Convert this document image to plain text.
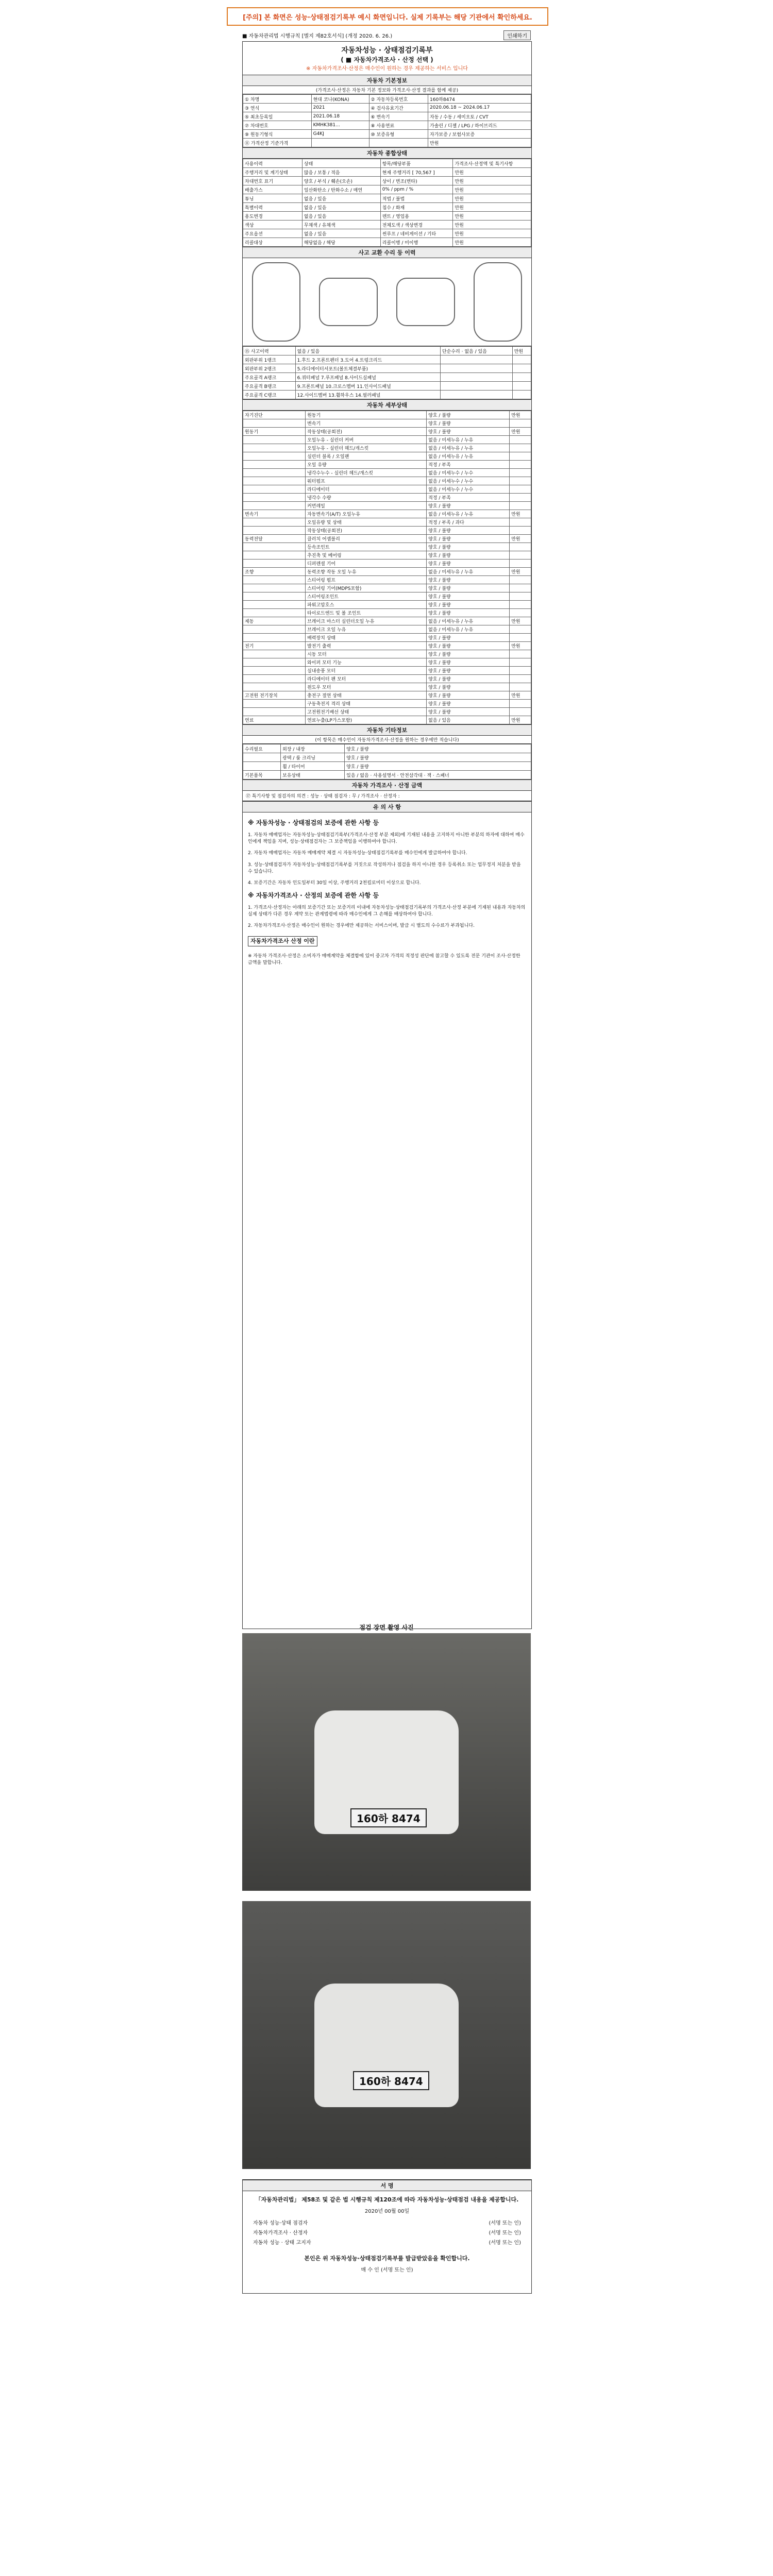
[주의] 본 화면은 성능·상태점검기록부 예시 화면입니다. 실제 기록부는 해당 기관에서 확인하세요.
■ 자동차관리법 시행규칙 [별지 제82호서식] (개정 2020. 6. 26.)	인쇄하기
자동차성능 · 상태점검기록부
( ■ 자동차가격조사 · 산정 선택 )
※ 자동차가격조사·산정은 매수인이 원하는 경우 제공하는 서비스 입니다
자동차 기본정보
(가격조사·산정은 자동차 기본 정보와 가격조사·산정 결과를 함께 제공)
① 차명	현대 코나(KONA)	② 자동차등록번호	160하8474
③ 연식	2021	④ 검사유효기간	2020.06.18 ~ 2024.06.17
⑤ 최초등록일	2021.06.18	⑥ 변속기	자동 / 수동 / 세미오토 / CVT
⑦ 차대번호	KMHK381...	⑧ 사용연료	가솔린 / 디젤 / LPG / 하이브리드
⑨ 원동기형식	G4KJ	⑩ 보증유형	자가보증 / 보험사보증
⑪ 가격산정 기준가격			만원
자동차 종합상태
사용이력	상태	항목/해당부품	가격조사·산정액 및 특기사항
주행거리 및 계기상태	많음 / 보통 / 적음	현재 주행거리 [ 70,567 ]	만원
차대번호 표기	양호 / 부식 / 훼손(오손)	상이 / 변조(변타)	만원
배출가스	일산화탄소 / 탄화수소 / 매연	0% / ppm / %	만원
튜닝	없음 / 있음	적법 / 불법	만원
특별이력	없음 / 있음	침수 / 화재	만원
용도변경	없음 / 있음	렌트 / 영업용	만원
색상	무채색 / 유채색	전체도색 / 색상변경	만원
주요옵션	없음 / 있음	썬루프 / 네비게이션 / 기타	만원
리콜대상	해당없음 / 해당	리콜이행 / 미이행	만원
사고 교환 수리 등 이력
⑮ 사고이력	없음 / 있음	단순수리 · 없음 / 있음	만원
외판부위 1랭크	1.후드 2.프론트펜더 3.도어 4.트렁크리드		
외판부위 2랭크	5.라디에이터서포트(볼트체결부품)		
주요골격 A랭크	6.쿼터패널 7.루프패널 8.사이드실패널		
주요골격 B랭크	9.프론트패널 10.크로스멤버 11.인사이드패널		
주요골격 C랭크	12.사이드멤버 13.휠하우스 14.필러패널		
자동차 세부상태
자기진단	원동기	양호 / 불량	만원
	변속기	양호 / 불량	
원동기	작동상태(공회전)	양호 / 불량	만원
	오일누유 - 실린더 커버	없음 / 미세누유 / 누유	
	오일누유 - 실린더 헤드/개스킷	없음 / 미세누유 / 누유	
	실린더 블록 / 오일팬	없음 / 미세누유 / 누유	
	오일 유량	적정 / 부족	
	냉각수누수 - 실린더 헤드/개스킷	없음 / 미세누수 / 누수	
	워터펌프	없음 / 미세누수 / 누수	
	라디에이터	없음 / 미세누수 / 누수	
	냉각수 수량	적정 / 부족	
	커먼레일	양호 / 불량	
변속기	자동변속기(A/T) 오일누유	없음 / 미세누유 / 누유	만원
	오일유량 및 상태	적정 / 부족 / 과다	
	작동상태(공회전)	양호 / 불량	
동력전달	클러치 어셈블리	양호 / 불량	만원
	등속조인트	양호 / 불량	
	추진축 및 베어링	양호 / 불량	
	디퍼렌셜 기어	양호 / 불량	
조향	동력조향 작동 오일 누유	없음 / 미세누유 / 누유	만원
	스티어링 펌프	양호 / 불량	
	스티어링 기어(MDPS포함)	양호 / 불량	
	스티어링조인트	양호 / 불량	
	파워고압호스	양호 / 불량	
	타이로드엔드 및 볼 조인트	양호 / 불량	
제동	브레이크 마스터 실린더오일 누유	없음 / 미세누유 / 누유	만원
	브레이크 오일 누유	없음 / 미세누유 / 누유	
	배력장치 상태	양호 / 불량	
전기	발전기 출력	양호 / 불량	만원
	시동 모터	양호 / 불량	
	와이퍼 모터 기능	양호 / 불량	
	실내송풍 모터	양호 / 불량	
	라디에이터 팬 모터	양호 / 불량	
	윈도우 모터	양호 / 불량	
고전원 전기장치	충전구 절연 상태	양호 / 불량	만원
	구동축전지 격리 상태	양호 / 불량	
	고전원전기배선 상태	양호 / 불량	
연료	연료누출(LP가스포함)	없음 / 있음	만원
자동차 기타정보
(이 항목은 매수인이 자동차가격조사·산정을 원하는 경우에만 적습니다)
수리필요	외장 / 내장	양호 / 불량
	광택 / 룸 크리닝	양호 / 불량
	휠 / 타이어	양호 / 불량
기본품목	보유상태	있음 / 없음 · 사용설명서 · 안전삼각대 · 잭 · 스패너
자동차 가격조사 · 산정 금액
⑰ 특기사항 및 점검자의 의견 : 성능 · 상태 점검자 : 무 / 가격조사 · 산정자 :
유 의 사 항
※ 자동차성능 · 상태점검의 보증에 관한 사항 등

1. 자동차 매매업자는 자동차성능·상태점검기록부(가격조사·산정 부분 제외)에 기재된 내용을 고지하지 아니한 부분의 하자에 대하여 매수인에게 책임을 지며, 성능·상태점검자는 그 보증책임을 이행하여야 합니다.

2. 자동차 매매업자는 자동차 매매계약 체결 시 자동차성능·상태점검기록부를 매수인에게 발급하여야 합니다.

3. 성능·상태점검자가 자동차성능·상태점검기록부를 거짓으로 작성하거나 점검을 하지 아니한 경우 등록취소 또는 업무정지 처분을 받을 수 있습니다.

4. 보증기간은 자동차 인도일부터 30일 이상, 주행거리 2천킬로미터 이상으로 합니다.

※ 자동차가격조사 · 산정의 보증에 관한 사항 등

1. 가격조사·산정자는 아래의 보증기간 또는 보증거리 이내에 자동차성능·상태점검기록부의 가격조사·산정 부분에 기재된 내용과 자동차의 실제 상태가 다른 경우 계약 또는 관계법령에 따라 매수인에게 그 손해를 배상하여야 합니다.

2. 자동차가격조사·산정은 매수인이 원하는 경우에만 제공하는 서비스이며, 발급 시 별도의 수수료가 부과됩니다.

자동차가격조사 산정 이란

※ 자동차 가격조사·산정은 소비자가 매매계약을 체결함에 있어 중고차 가격의 적정성 판단에 참고할 수 있도록 전문 기관이 조사·산정한 금액을 말합니다.

점검 장면 촬영 사진
160하 8474
160하 8474
서 명
「자동차관리법」 제58조 및 같은 법 시행규칙 제120조에 따라 자동차성능·상태점검 내용을 제공합니다.
2020년 00월 00일
자동차 성능·상태 점검자	(서명 또는 인)
자동차가격조사 · 산정자	(서명 또는 인)
자동차 성능 · 상태 고지자	(서명 또는 인)
본인은 위 자동차성능·상태점검기록부를 발급받았음을 확인합니다.
매 수 인 (서명 또는 인)
